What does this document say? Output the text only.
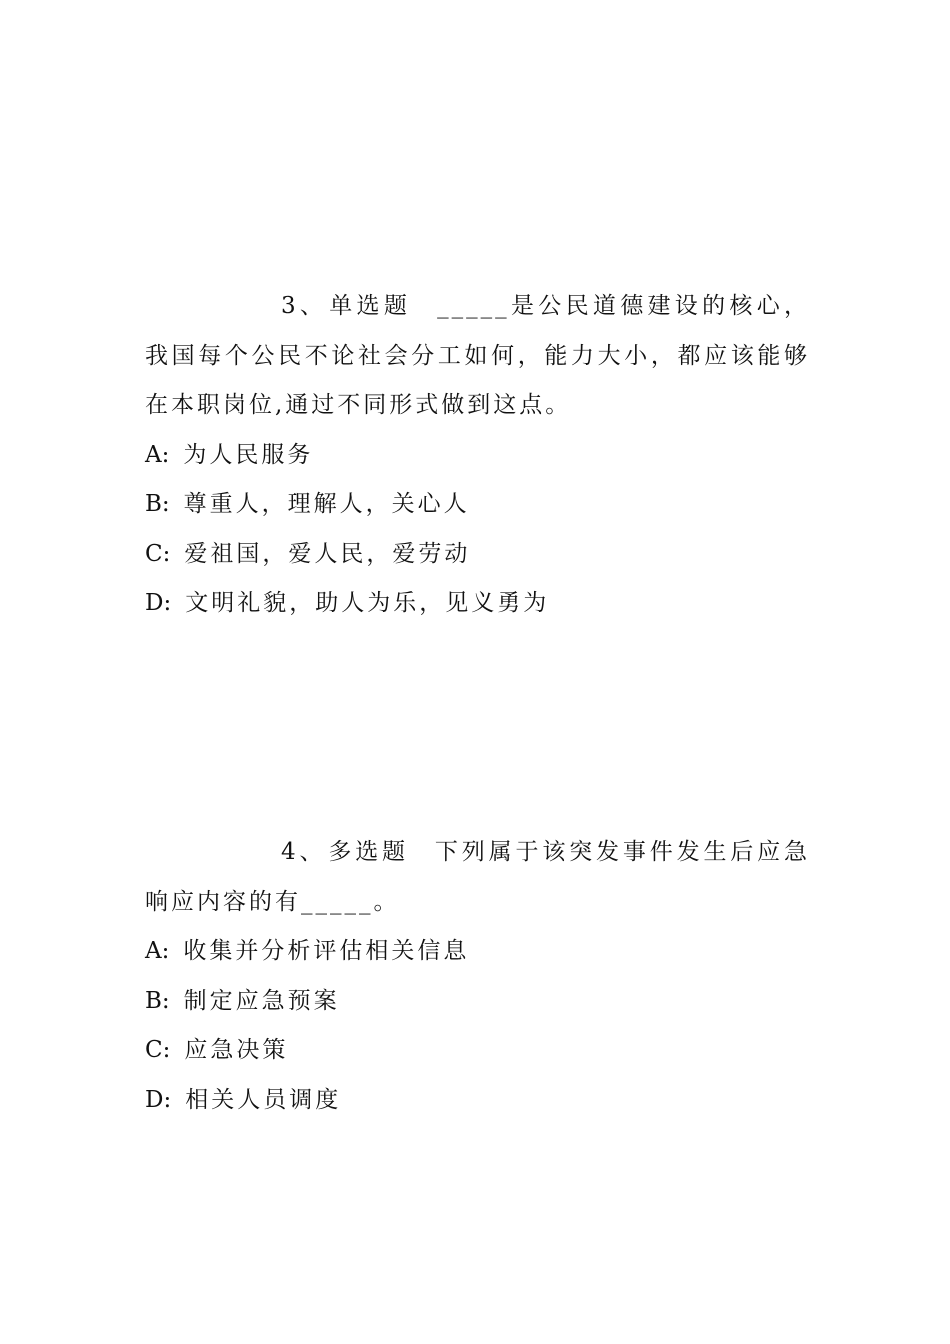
3、单选题 _____是公民道德建设的核心，我国每个公民不论社会分工如何，能力大小，都应该能够在本职岗位,通过不同形式做到这点。

A: 为人民服务
B: 尊重人，理解人，关心人
C: 爱祖国，爱人民，爱劳动
D: 文明礼貌，助人为乐，见义勇为

4、多选题 下列属于该突发事件发生后应急响应内容的有_____。

A: 收集并分析评估相关信息
B: 制定应急预案
C: 应急决策
D: 相关人员调度
